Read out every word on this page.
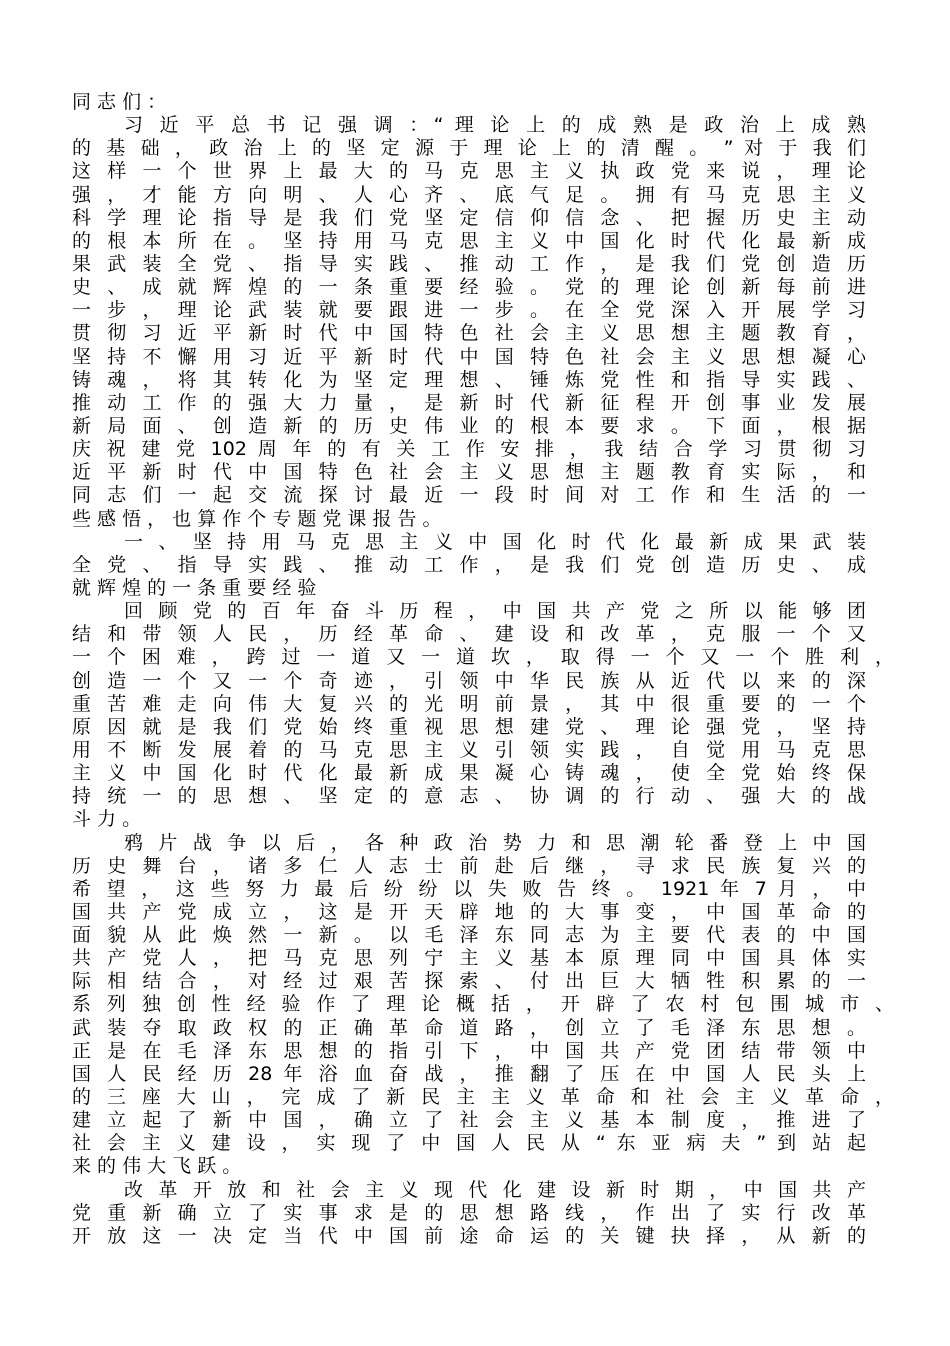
同 志 们 ：
习 近 平 总 书 记 强 调 ：“ 理 论 上 的 成 熟 是 政 治 上 成 熟
的 基 础 ， 政 治 上 的 坚 定 源 于 理 论 上 的 清 醒 。 ” 对 于 我 们
这 样 一 个 世 界 上 最 大 的 马 克 思 主 义 执 政 党 来 说 ， 理 论
强 ， 才 能 方 向 明 、 人 心 齐 、 底 气 足 。 拥 有 马 克 思 主 义
科 学 理 论 指 导 是 我 们 党 坚 定 信 仰 信 念 、 把 握 历 史 主 动
的 根 本 所 在 。 坚 持 用 马 克 思 主 义 中 国 化 时 代 化 最 新 成
果 武 装 全 党 、 指 导 实 践 、 推 动 工 作 ， 是 我 们 党 创 造 历
史 、 成 就 辉 煌 的 一 条 重 要 经 验 。 党 的 理 论 创 新 每 前 进
一 步 ， 理 论 武 装 就 要 跟 进 一 步 。 在 全 党 深 入 开 展 学 习
贯 彻 习 近 平 新 时 代 中 国 特 色 社 会 主 义 思 想 主 题 教 育 ，
坚 持 不 懈 用 习 近 平 新 时 代 中 国 特 色 社 会 主 义 思 想 凝 心
铸 魂 ， 将 其 转 化 为 坚 定 理 想 、 锤 炼 党 性 和 指 导 实 践 、
推 动 工 作 的 强 大 力 量 ， 是 新 时 代 新 征 程 开 创 事 业 发 展
新 局 面 、 创 造 新 的 历 史 伟 业 的 根 本 要 求 。 下 面 ， 根 据
庆 祝 建 党 102 周 年 的 有 关 工 作 安 排 ， 我 结 合 学 习 贯 彻 习
近 平 新 时 代 中 国 特 色 社 会 主 义 思 想 主 题 教 育 实 际 ， 和
同 志 们 一 起 交 流 探 讨 最 近 一 段 时 间 对 工 作 和 生 活 的 一
些 感 悟 ， 也 算 作 个 专 题 党 课 报 告 。
一 、 坚 持 用 马 克 思 主 义 中 国 化 时 代 化 最 新 成 果 武 装
全 党 、 指 导 实 践 、 推 动 工 作 ， 是 我 们 党 创 造 历 史 、 成
就 辉 煌 的 一 条 重 要 经 验
回 顾 党 的 百 年 奋 斗 历 程 ， 中 国 共 产 党 之 所 以 能 够 团
结 和 带 领 人 民 ， 历 经 革 命 、 建 设 和 改 革 ， 克 服 一 个 又
一 个 困 难 ， 跨 过 一 道 又 一 道 坎 ， 取 得 一 个 又 一 个 胜 利 ，
创 造 一 个 又 一 个 奇 迹 ， 引 领 中 华 民 族 从 近 代 以 来 的 深
重 苦 难 走 向 伟 大 复 兴 的 光 明 前 景 ， 其 中 很 重 要 的 一 个
原 因 就 是 我 们 党 始 终 重 视 思 想 建 党 、 理 论 强 党 ， 坚 持
用 不 断 发 展 着 的 马 克 思 主 义 引 领 实 践 ， 自 觉 用 马 克 思
主 义 中 国 化 时 代 化 最 新 成 果 凝 心 铸 魂 ， 使 全 党 始 终 保
持 统 一 的 思 想 、 坚 定 的 意 志 、 协 调 的 行 动 、 强 大 的 战
斗 力 。
鸦 片 战 争 以 后 ， 各 种 政 治 势 力 和 思 潮 轮 番 登 上 中 国
历 史 舞 台 ， 诸 多 仁 人 志 士 前 赴 后 继 ， 寻 求 民 族 复 兴 的
希 望 ， 这 些 努 力 最 后 纷 纷 以 失 败 告 终 。 1921 年 7 月 ， 中
国 共 产 党 成 立 ， 这 是 开 天 辟 地 的 大 事 变 ， 中 国 革 命 的
面 貌 从 此 焕 然 一 新 。 以 毛 泽 东 同 志 为 主 要 代 表 的 中 国
共 产 党 人 ， 把 马 克 思 列 宁 主 义 基 本 原 理 同 中 国 具 体 实
际 相 结 合 ， 对 经 过 艰 苦 探 索 、 付 出 巨 大 牺 牲 积 累 的 一
系 列 独 创 性 经 验 作 了 理 论 概 括 ， 开 辟 了 农 村 包 围 城 市 、
武 装 夺 取 政 权 的 正 确 革 命 道 路 ， 创 立 了 毛 泽 东 思 想 。
正 是 在 毛 泽 东 思 想 的 指 引 下 ， 中 国 共 产 党 团 结 带 领 中
国 人 民 经 历 28 年 浴 血 奋 战 ， 推 翻 了 压 在 中 国 人 民 头 上
的 三 座 大 山 ， 完 成 了 新 民 主 主 义 革 命 和 社 会 主 义 革 命 ，
建 立 起 了 新 中 国 ， 确 立 了 社 会 主 义 基 本 制 度 ， 推 进 了
社 会 主 义 建 设 ， 实 现 了 中 国 人 民 从 “ 东 亚 病 夫 ” 到 站 起
来 的 伟 大 飞 跃 。
改 革 开 放 和 社 会 主 义 现 代 化 建 设 新 时 期 ， 中 国 共 产
党 重 新 确 立 了 实 事 求 是 的 思 想 路 线 ， 作 出 了 实 行 改 革
开 放 这 一 决 定 当 代 中 国 前 途 命 运 的 关 键 抉 择 ， 从 新 的
